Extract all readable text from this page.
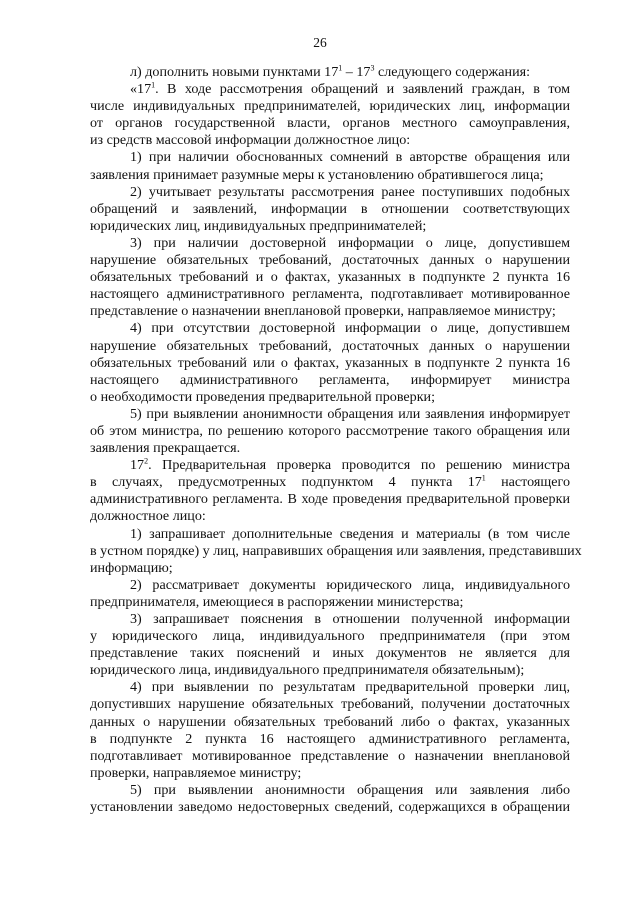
26
л) дополнить новыми пунктами $17^1 - 17^3$ следующего содержания:
«$17^1$. В ходе рассмотрения обращений и заявлений граждан, в том
числе индивидуальных предпринимателей, юридических лиц, информации
от органов государственной власти, органов местного самоуправления,
из средств массовой информации должностное лицо:
1) при наличии обоснованных сомнений в авторстве обращения или
заявления принимает разумные меры к установлению обратившегося лица;
2) учитывает результаты рассмотрения ранее поступивших подобных
обращений и заявлений, информации в отношении соответствующих
юридических лиц, индивидуальных предпринимателей;
3) при наличии достоверной информации о лице, допустившем
нарушение обязательных требований, достаточных данных о нарушении
обязательных требований и о фактах, указанных в подпункте 2 пункта 16
настоящего административного регламента, подготавливает мотивированное
представление о назначении внеплановой проверки, направляемое министру;
4) при отсутствии достоверной информации о лице, допустившем
нарушение обязательных требований, достаточных данных о нарушении
обязательных требований или о фактах, указанных в подпункте 2 пункта 16
настоящего административного регламента, информирует министра
о необходимости проведения предварительной проверки;
5) при выявлении анонимности обращения или заявления информирует
об этом министра, по решению которого рассмотрение такого обращения или
заявления прекращается.
$17^2$. Предварительная проверка проводится по решению министра
в случаях, предусмотренных подпунктом 4 пункта $17^1$ настоящего
административного регламента. В ходе проведения предварительной проверки
должностное лицо:
1) запрашивает дополнительные сведения и материалы (в том числе
в устном порядке) у лиц, направивших обращения или заявления, представивших
информацию;
2) рассматривает документы юридического лица, индивидуального
предпринимателя, имеющиеся в распоряжении министерства;
3) запрашивает пояснения в отношении полученной информации
у юридического лица, индивидуального предпринимателя (при этом
представление таких пояснений и иных документов не является для
юридического лица, индивидуального предпринимателя обязательным);
4) при выявлении по результатам предварительной проверки лиц,
допустивших нарушение обязательных требований, получении достаточных
данных о нарушении обязательных требований либо о фактах, указанных
в подпункте 2 пункта 16 настоящего административного регламента,
подготавливает мотивированное представление о назначении внеплановой
проверки, направляемое министру;
5) при выявлении анонимности обращения или заявления либо
установлении заведомо недостоверных сведений, содержащихся в обращении
